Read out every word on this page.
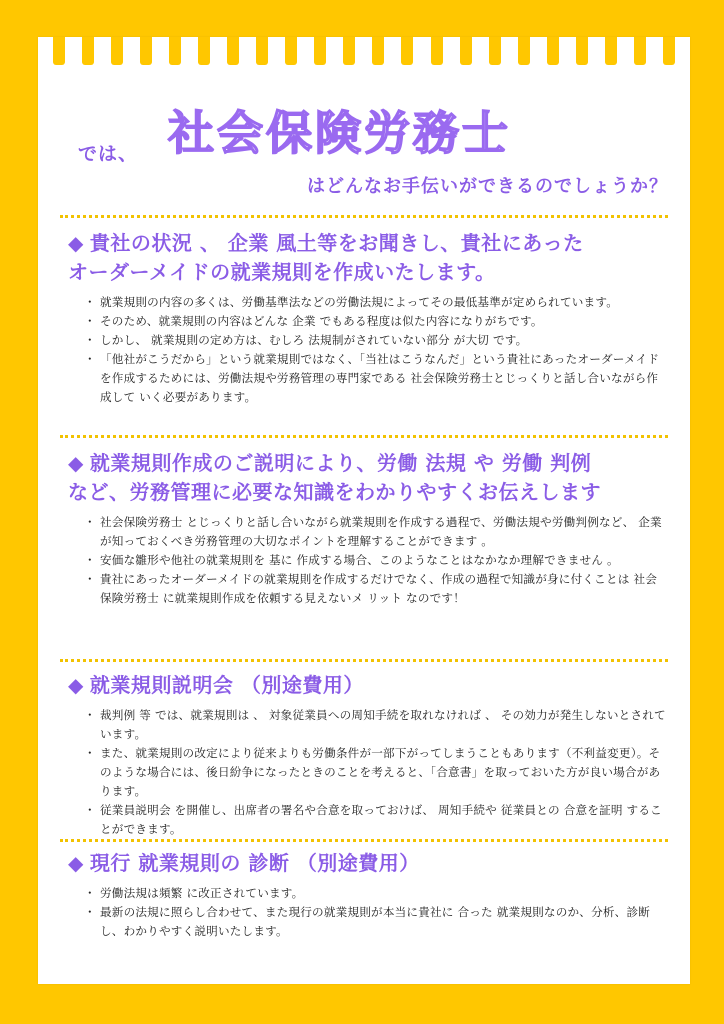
では、 社会保険労務士
はどんなお手伝いができるのでしょうか？

◆ 貴社の状況 、 企業 風土等をお聞きし、貴社にあった
オーダーメイドの就業規則を作成いたします。

・ 就業規則の内容の多くは、労働基準法などの労働法規によってその最低基準が定められています。
・ そのため、就業規則の内容はどんな 企業 でもある程度は似た内容になりがちです。
・ しかし、 就業規則の定め方は、むしろ 法規制がされていない部分 が大切 です。
・ 「他社がこうだから」という就業規則ではなく、「当社はこうなんだ」という貴社にあったオーダーメイドを作成するためには、労働法規や労務管理の専門家である 社会保険労務士とじっくりと話し合いながら作成して いく必要があります。

◆ 就業規則作成のご説明により、労働 法規 や 労働 判例
など、労務管理に必要な知識をわかりやすくお伝えします

・ 社会保険労務士 とじっくりと話し合いながら就業規則を作成する過程で、労働法規や労働判例など、 企業 が知っておくべき労務管理の大切なポイントを理解することができます 。
・ 安価な雛形や他社の就業規則を 基に 作成する場合、このようなことはなかなか理解できません 。
・ 貴社にあったオーダーメイドの就業規則を作成するだけでなく、作成の過程で知識が身に付くことは 社会保険労務士 に就業規則作成を依頼する見えないメ リット なのです！

◆ 就業規則説明会 （別途費用）

・ 裁判例 等 では、就業規則は 、 対象従業員への周知手続を取れなければ 、 その効力が発生しないとされています。
・ また、就業規則の改定により従来よりも労働条件が一部下がってしまうこともあります（不利益変更）。そのような場合には、後日紛争になったときのことを考えると、「合意書」を取っておいた方が良い場合があります。
・ 従業員説明会 を開催し、出席者の署名や合意を取っておけば、 周知手続や 従業員との 合意を証明 することができます。

◆ 現行 就業規則の 診断 （別途費用）

・ 労働法規は頻繁 に改正されています。
・ 最新の法規に照らし合わせて、また現行の就業規則が本当に貴社に 合った 就業規則なのか、分析、診断し、わかりやすく説明いたします。
